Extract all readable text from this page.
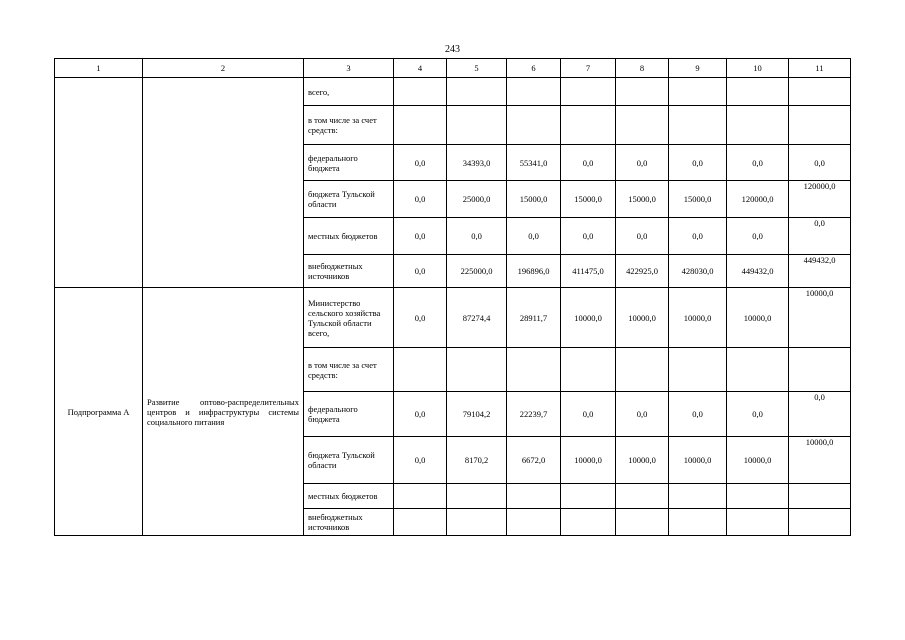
243
1	2	3	4	5	6	7	8	9	10	11
		всего,								
		в том числе за счет средств:								
		федерального бюджета	0,0	34393,0	55341,0	0,0	0,0	0,0	0,0	0,0
		бюджета Тульской области	0,0	25000,0	15000,0	15000,0	15000,0	15000,0	120000,0	120000,0
		местных бюджетов	0,0	0,0	0,0	0,0	0,0	0,0	0,0	0,0
		внебюджетных источников	0,0	225000,0	196896,0	411475,0	422925,0	428030,0	449432,0	449432,0
Подпрограмма А	Развитие оптово-распределительных центров и инфраструктуры системы социального питания	Министерство сельского хозяйства Тульской области всего,	0,0	87274,4	28911,7	10000,0	10000,0	10000,0	10000,0	10000,0
		в том числе за счет средств:								
		федерального бюджета	0,0	79104,2	22239,7	0,0	0,0	0,0	0,0	0,0
		бюджета Тульской области	0,0	8170,2	6672,0	10000,0	10000,0	10000,0	10000,0	10000,0
		местных бюджетов								
		внебюджетных источников								
